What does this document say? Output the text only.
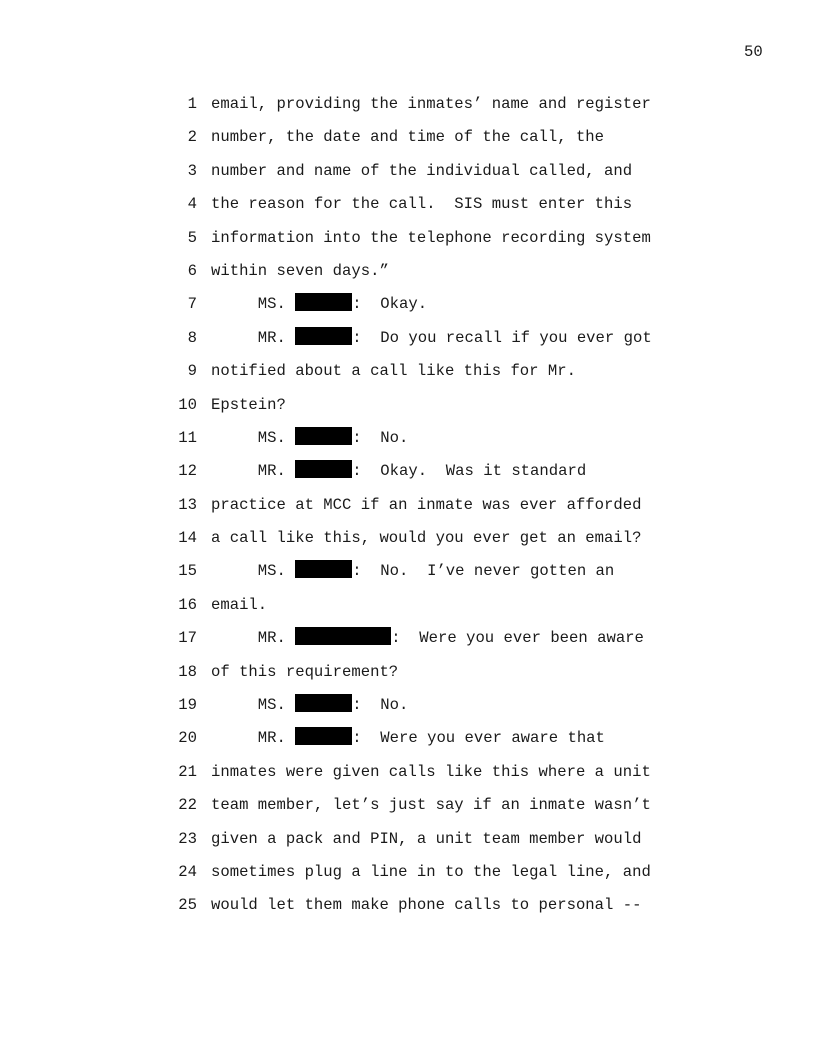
50
1 email, providing the inmates’ name and register
2 number, the date and time of the call, the
3 number and name of the individual called, and
4 the reason for the call.  SIS must enter this
5 information into the telephone recording system
6 within seven days.”
7	MS.	:  Okay.
8	MR.	:  Do you recall if you ever got
9 notified about a call like this for Mr.
10 Epstein?
11	MS.	:  No.
12	MR.	:  Okay.  Was it standard
13 practice at MCC if an inmate was ever afforded
14 a call like this, would you ever get an email?
15	MS.	:  No.  I’ve never gotten an
16 email.
17	MR.	:  Were you ever been aware
18 of this requirement?
19	MS.	:  No.
20	MR.	:  Were you ever aware that
21 inmates were given calls like this where a unit
22 team member, let’s just say if an inmate wasn’t
23 given a pack and PIN, a unit team member would
24 sometimes plug a line in to the legal line, and
25 would let them make phone calls to personal --
